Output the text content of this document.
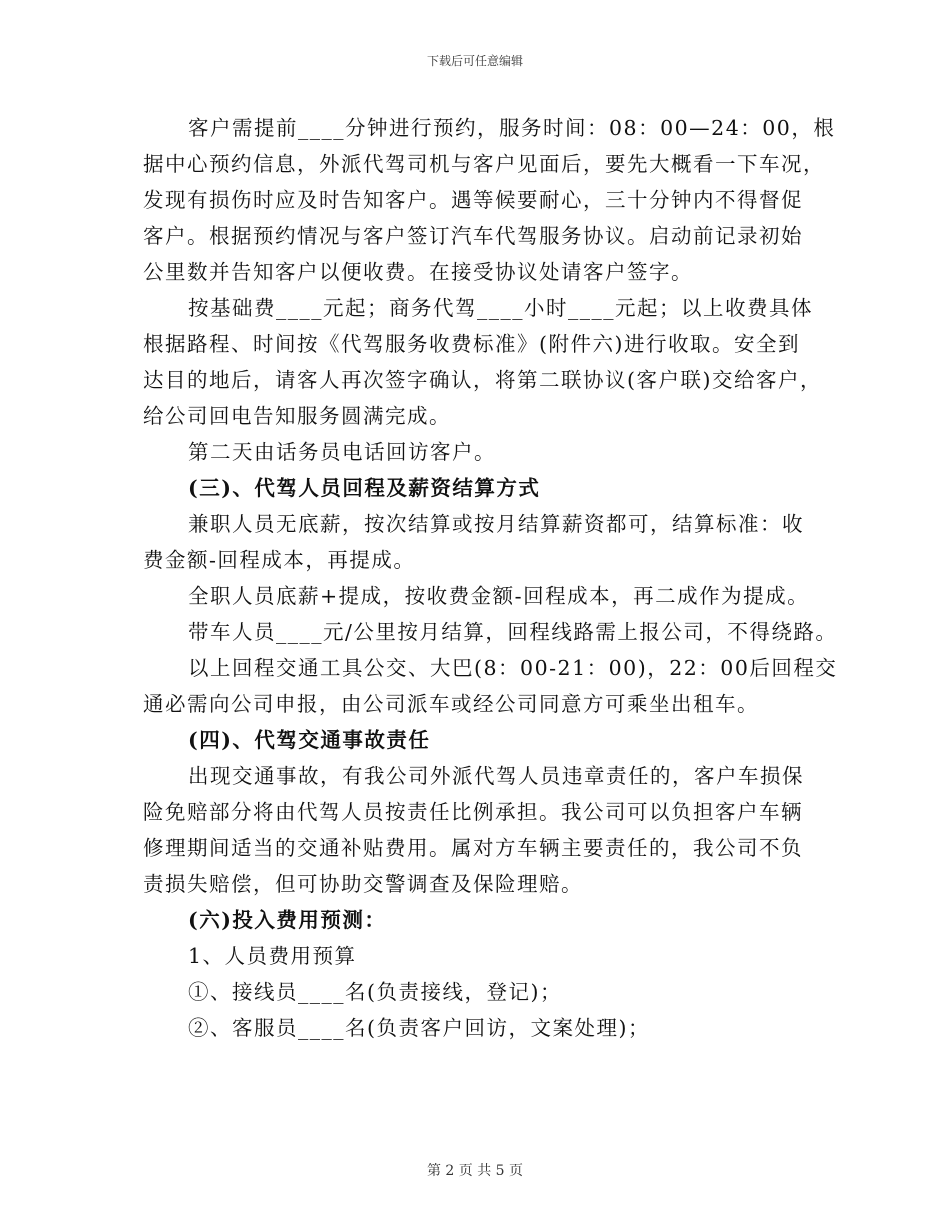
下载后可任意编辑
客户需提前____分钟进行预约，服务时间：08：00—24：00，根
据中心预约信息，外派代驾司机与客户见面后，要先大概看一下车况，
发现有损伤时应及时告知客户。遇等候要耐心，三十分钟内不得督促
客户。根据预约情况与客户签订汽车代驾服务协议。启动前记录初始
公里数并告知客户以便收费。在接受协议处请客户签字。
按基础费____元起；商务代驾____小时____元起；以上收费具体
根据路程、时间按《代驾服务收费标准》(附件六)进行收取。安全到
达目的地后，请客人再次签字确认，将第二联协议(客户联)交给客户，
给公司回电告知服务圆满完成。
第二天由话务员电话回访客户。
(三)、代驾人员回程及薪资结算方式
兼职人员无底薪，按次结算或按月结算薪资都可，结算标准：收
费金额-回程成本，再提成。
全职人员底薪+提成，按收费金额-回程成本，再二成作为提成。
带车人员____元/公里按月结算，回程线路需上报公司，不得绕路。
以上回程交通工具公交、大巴(8：00-21：00)，22：00后回程交
通必需向公司申报，由公司派车或经公司同意方可乘坐出租车。
(四)、代驾交通事故责任
出现交通事故，有我公司外派代驾人员违章责任的，客户车损保
险免赔部分将由代驾人员按责任比例承担。我公司可以负担客户车辆
修理期间适当的交通补贴费用。属对方车辆主要责任的，我公司不负
责损失赔偿，但可协助交警调查及保险理赔。
(六)投入费用预测：
1、人员费用预算
①、接线员____名(负责接线，登记)；
②、客服员____名(负责客户回访，文案处理)；
第 2 页 共 5 页
